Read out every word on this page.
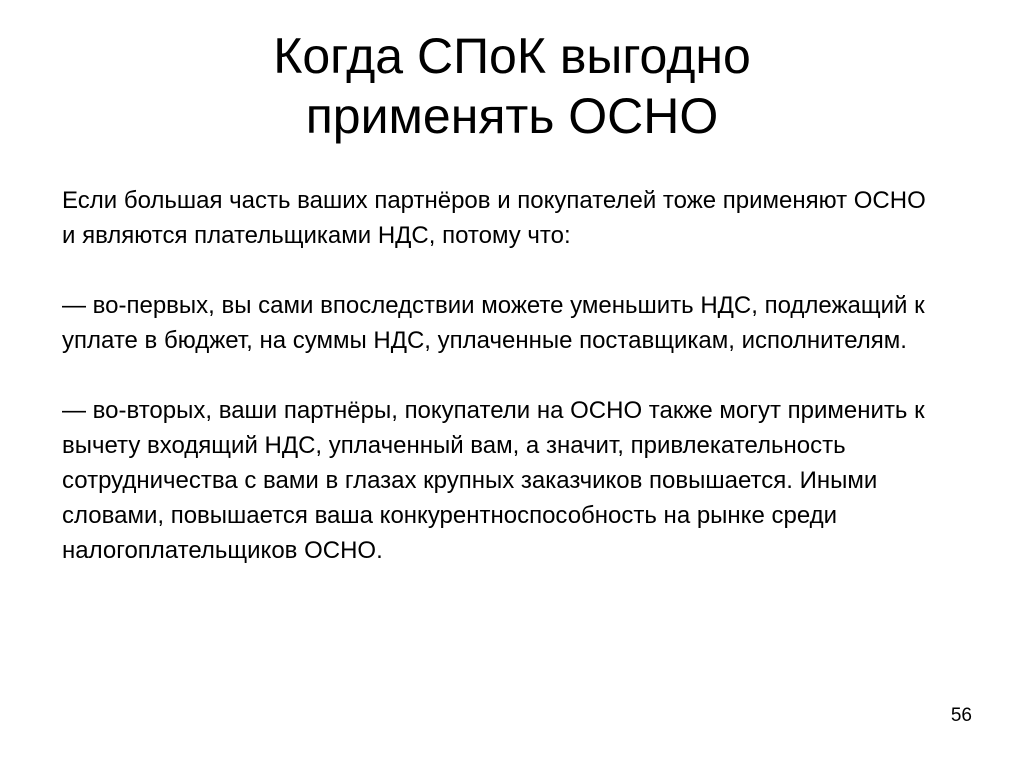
Когда СПоК выгодно
применять ОСНО

Если большая часть ваших партнёров и покупателей тоже применяют ОСНО и являются плательщиками НДС, потому что:

— во-первых, вы сами впоследствии можете уменьшить НДС, подлежащий к уплате в бюджет, на суммы НДС, уплаченные поставщикам, исполнителям.

— во-вторых, ваши партнёры, покупатели на ОСНО также могут применить к вычету входящий НДС, уплаченный вам, а значит, привлекательность сотрудничества с вами в глазах крупных заказчиков повышается. Иными словами, повышается ваша конкурентноспособность на рынке среди налогоплательщиков ОСНО.

56
